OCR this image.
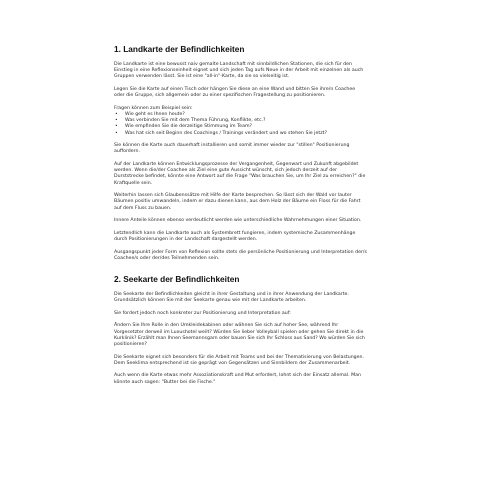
1. Landkarte der Befindlichkeiten

Die Landkarte ist eine bewusst naiv gemalte Landschaft mit sinnbildlichen Stationen, die sich für den Einstieg in eine Reflexionseinheit eignet und sich jeden Tag aufs Neue in der Arbeit mit einzelnen als auch Gruppen verwenden lässt. Sie ist eine "all-in"-Karte, da sie so vielseitig ist.

Legen Sie die Karte auf einen Tisch oder hängen Sie diese an eine Wand und bitten Sie ihre/n Coachee oder die Gruppe, sich allgemein oder zu einer spezifischen Fragestellung zu positionieren.

Fragen können zum Beispiel sein:

• Wie geht es Ihnen heute?
• Was verbinden Sie mit dem Thema Führung, Konflikte, etc.?
• Wie empfinden Sie die derzeitige Stimmung im Team?
• Was hat sich seit Beginn des Coachings / Trainings verändert und wo stehen Sie jetzt?

Sie können die Karte auch dauerhaft installieren und somit immer wieder zur "stillen" Positionierung auffordern.

Auf der Landkarte können Entwicklungsprozesse der Vergangenheit, Gegenwart und Zukunft abgebildet werden. Wenn die/der Coachee als Ziel eine gute Aussicht wünscht, sich jedoch derzeit auf der Durststrecke befindet, könnte eine Antwort auf die Frage "Was brauchen Sie, um Ihr Ziel zu erreichen?" die Kraftquelle sein.

Weiterhin lassen sich Glaubenssätze mit Hilfe der Karte besprechen. So lässt sich der Wald vor lauter Bäumen positiv umwandeln, indem er dazu dienen kann, aus dem Holz der Bäume ein Floss für die Fahrt auf dem Fluss zu bauen.

Innere Anteile können ebenso verdeutlicht werden wie unterschiedliche Wahrnehmungen einer Situation.

Letztendlich kann die Landkarte auch als Systembrett fungieren, indem systemische Zusammenhänge durch Positionierungen in der Landschaft dargestellt werden.

Ausgangspunkt jeder Form von Reflexion sollte stets die persönliche Positionierung und Interpretation der/s Coachee/s oder der/des Teilnehmenden sein.

2. Seekarte der Befindlichkeiten

Die Seekarte der Befindlichkeiten gleicht in ihrer Gestaltung und in ihrer Anwendung der Landkarte. Grundsätzlich können Sie mit der Seekarte genau wie mit der Landkarte arbeiten.

Sie fordert jedoch noch konkreter zur Positionierung und Interpretation auf:

Ändern Sie Ihre Rolle in den Umkleidekabinen oder wähnen Sie sich auf hoher See, während Ihr Vorgesetzter derweil im Luxushotel weilt? Würden Sie lieber Volleyball spielen oder gehen Sie direkt in die Kurklinik? Erzählt man Ihnen Seemannsgarn oder bauen Sie sich Ihr Schloss aus Sand? Wo würden Sie sich positionieren?

Die Seekarte eignet sich besonders für die Arbeit mit Teams und bei der Thematisierung von Belastungen. Dem Seeklima entsprechend ist sie geprägt von Gegensätzen und Sinnbildern der Zusammenarbeit.

Auch wenn die Karte etwas mehr Assoziationskraft und Mut erfordert, lohnt sich der Einsatz allemal. Man könnte auch sagen: "Butter bei die Fische."
